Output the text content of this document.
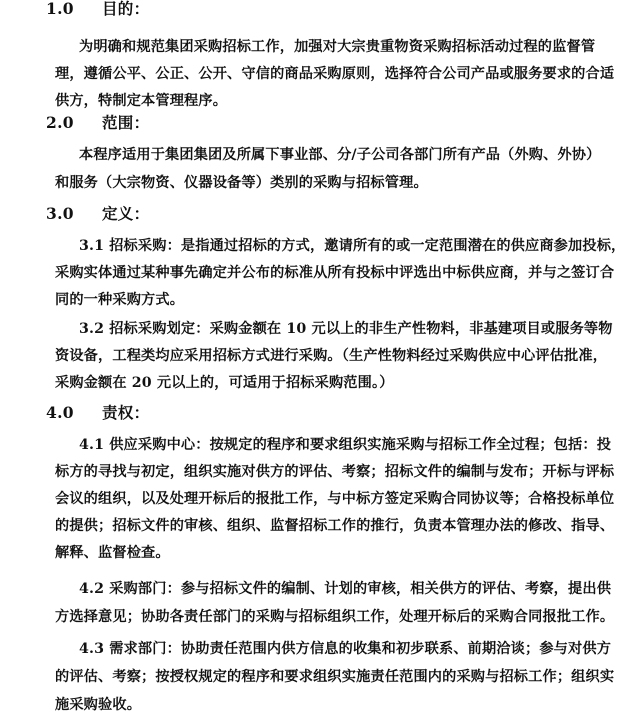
1.0 目的：
为明确和规范集团采购招标工作，加强对大宗贵重物资采购招标活动过程的监督管
理，遵循公平、公正、公开、守信的商品采购原则，选择符合公司产品或服务要求的合适
供方，特制定本管理程序。
2.0 范围：
本程序适用于集团集团及所属下事业部、分/子公司各部门所有产品（外购、外协）
和服务（大宗物资、仪器设备等）类别的采购与招标管理。
3.0 定义：
3.1 招标采购：是指通过招标的方式，邀请所有的或一定范围潜在的供应商参加投标，
采购实体通过某种事先确定并公布的标准从所有投标中评选出中标供应商，并与之签订合
同的一种采购方式。
3.2 招标采购划定：采购金额在 10 元以上的非生产性物料，非基建项目或服务等物
资设备，工程类均应采用招标方式进行采购。（生产性物料经过采购供应中心评估批准，
采购金额在 20 元以上的，可适用于招标采购范围。）
4.0 责权：
4.1 供应采购中心：按规定的程序和要求组织实施采购与招标工作全过程；包括：投
标方的寻找与初定，组织实施对供方的评估、考察；招标文件的编制与发布；开标与评标
会议的组织，以及处理开标后的报批工作，与中标方签定采购合同协议等；合格投标单位
的提供；招标文件的审核、组织、监督招标工作的推行，负责本管理办法的修改、指导、
解释、监督检查。
4.2 采购部门：参与招标文件的编制、计划的审核，相关供方的评估、考察，提出供
方选择意见；协助各责任部门的采购与招标组织工作，处理开标后的采购合同报批工作。
4.3 需求部门：协助责任范围内供方信息的收集和初步联系、前期洽谈；参与对供方
的评估、考察；按授权规定的程序和要求组织实施责任范围内的采购与招标工作；组织实
施采购验收。
